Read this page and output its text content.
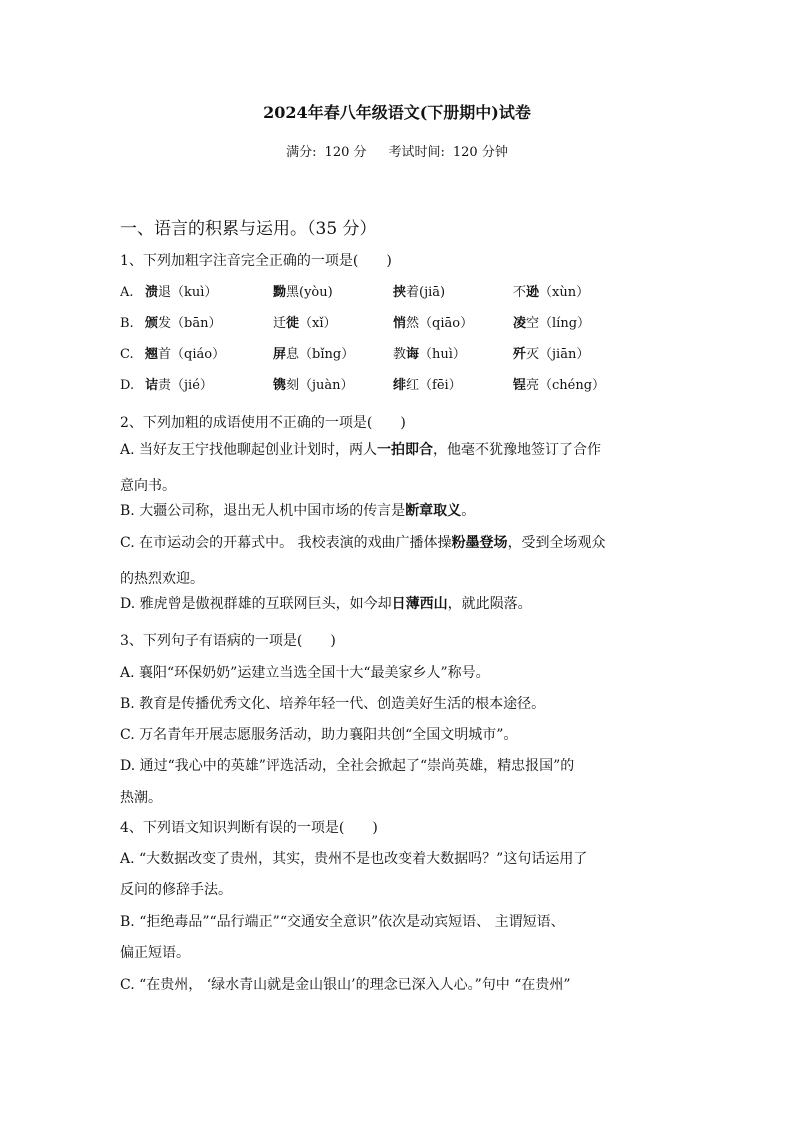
2024年春八年级语文(下册期中)试卷
满分: 120 分 考试时间: 120 分钟
一、语言的积累与运用。（35 分）
1、下列加粗字注音完全正确的一项是(　　)
A. 溃退（kuì）	黝黑(yòu)	挟着(jiā)	不逊（xùn）
B. 颁发（bān）	迁徙（xǐ）	悄然（qiāo）	凌空（líng）
C. 翘首（qiáo）	屏息（bǐng）	教诲（huì）	歼灭（jiān）
D. 诘责（jié）	镌刻（juàn）	绯红（fēi）	锃亮（chéng）
2、下列加粗的成语使用不正确的一项是(　　)
A. 当好友王宁找他聊起创业计划时，两人一拍即合，他毫不犹豫地签订了合作
意向书。
B. 大疆公司称，退出无人机中国市场的传言是断章取义。
C. 在市运动会的开幕式中。 我校表演的戏曲广播体操粉墨登场，受到全场观众
的热烈欢迎。
D. 雅虎曾是傲视群雄的互联网巨头，如今却日薄西山，就此陨落。
3、下列句子有语病的一项是(　　)
A. 襄阳“环保奶奶”运建立当选全国十大“最美家乡人”称号。
B. 教育是传播优秀文化、培养年轻一代、创造美好生活的根本途径。
C. 万名青年开展志愿服务活动，助力襄阳共创“全国文明城市”。
D. 通过“我心中的英雄”评选活动，全社会掀起了“崇尚英雄，精忠报国”的
热潮。
4、下列语文知识判断有误的一项是(　　)
A. “大数据改变了贵州，其实，贵州不是也改变着大数据吗？”这句话运用了
反问的修辞手法。
B. “拒绝毒品”“品行端正”“交通安全意识”依次是动宾短语、 主谓短语、
偏正短语。
C. “在贵州， ‘绿水青山就是金山银山’的理念已深入人心。”句中 “在贵州”
